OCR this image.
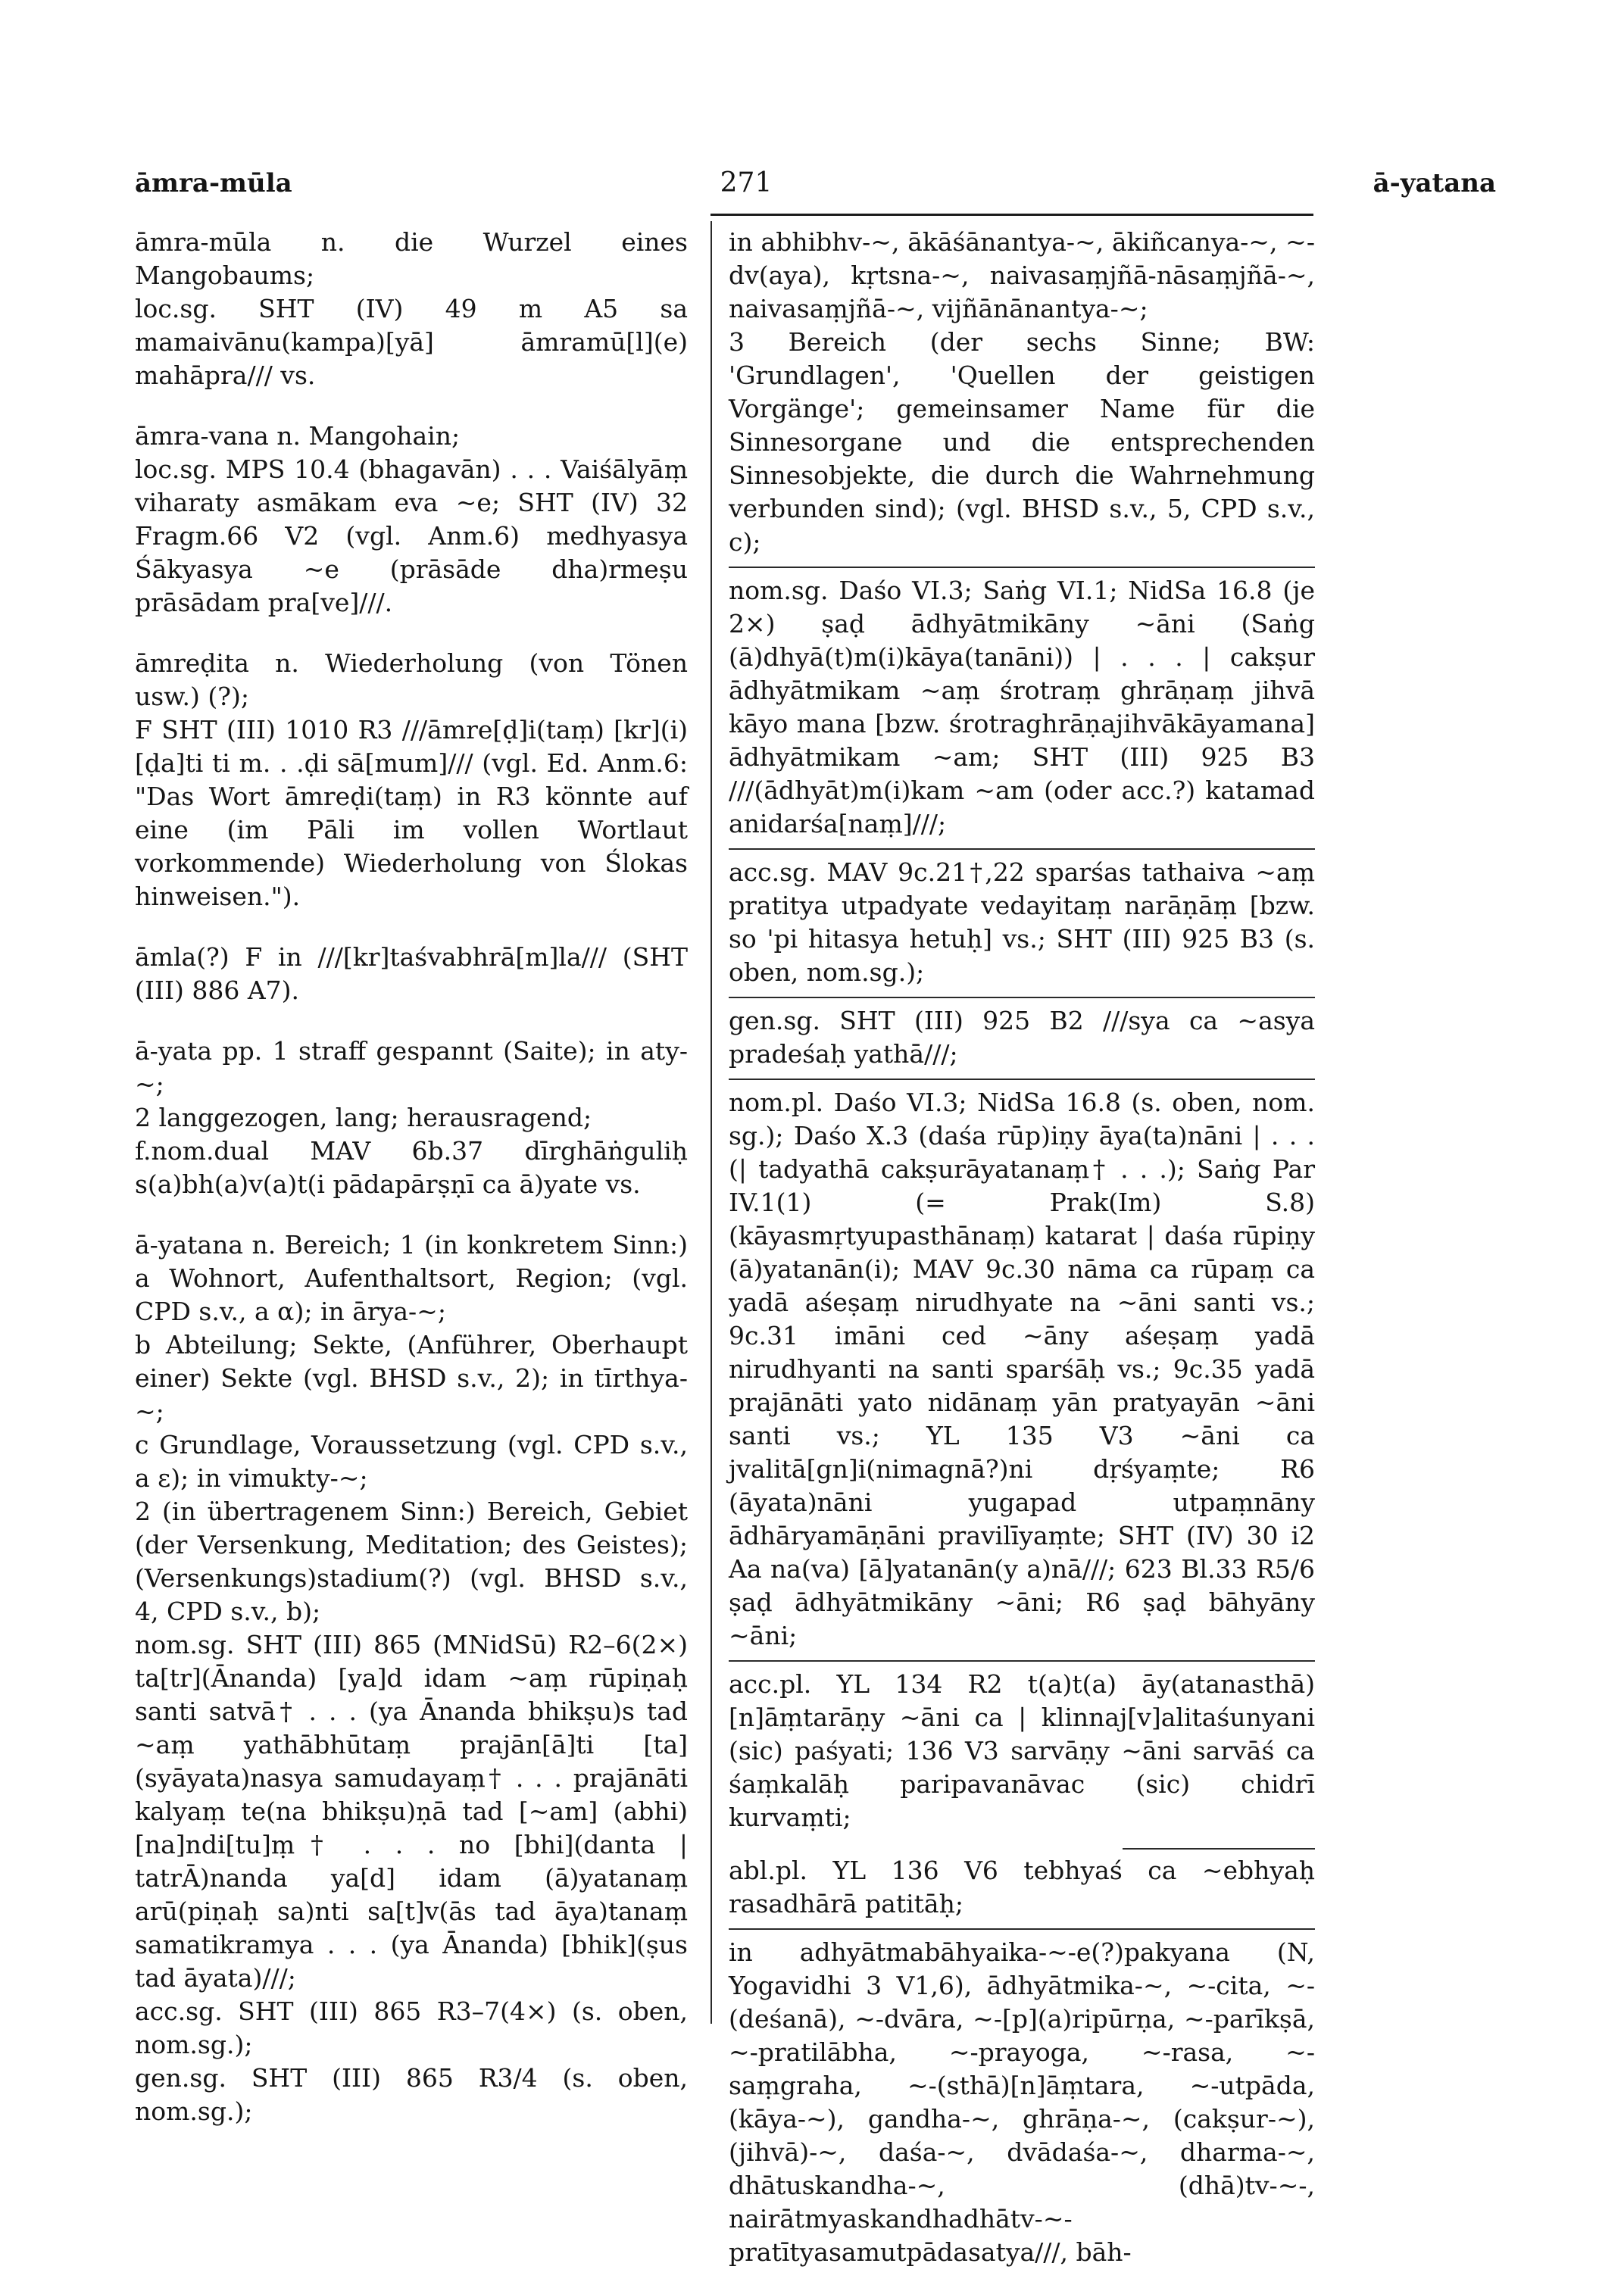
āmra-mūla	271	ā-yatana

āmra-mūla n. die Wurzel eines Mangobaums;

loc.sg. SHT (IV) 49 m A5 sa mamaivānu(kampa)[yā] āmramū[l](e) mahāpra/// vs.

āmra-vana n. Mangohain;

loc.sg. MPS 10.4 (bhagavān) . . . Vaiśālyāṃ viharaty asmākam eva ~e; SHT (IV) 32 Fragm.66 V2 (vgl. Anm.6) medhyasya Śākyasya ~e (prāsāde dha)rmeṣu prāsādam pra[ve]///.

āmreḍita n. Wiederholung (von Tönen usw.) (?);

F SHT (III) 1010 R3 ///āmre[ḍ]i(taṃ) [kr](i)[ḍa]ti ti m. . .ḍi sā[mum]/// (vgl. Ed. Anm.6: "Das Wort āmreḍi(taṃ) in R3 könnte auf eine (im Pāli im vollen Wortlaut vorkommende) Wiederholung von Ślokas hinweisen.").

āmla(?) F in ///[kr]taśvabhrā[m]la/// (SHT (III) 886 A7).

ā-yata pp. 1 straff gespannt (Saite); in aty-~;

2 langgezogen, lang; herausragend;

f.nom.dual MAV 6b.37 dīrghāṅguliḥ s(a)bh(a)v(a)t(i pādapārṣṇī ca ā)yate vs.

ā-yatana n. Bereich; 1 (in konkretem Sinn:) a Wohnort, Aufenthaltsort, Region; (vgl. CPD s.v., a α); in ārya-~;

b Abteilung; Sekte, (Anführer, Oberhaupt einer) Sekte (vgl. BHSD s.v., 2); in tīrthya-~;

c Grundlage, Voraussetzung (vgl. CPD s.v., a ε); in vimukty-~;

2 (in übertragenem Sinn:) Bereich, Gebiet (der Versenkung, Meditation; des Geistes); (Versenkungs)stadium(?) (vgl. BHSD s.v., 4, CPD s.v., b);

nom.sg. SHT (III) 865 (MNidSū) R2–6(2×) ta[tr](Ānanda) [ya]d idam ~aṃ rūpiṇaḥ santi satvā† . . . (ya Ānanda bhikṣu)s tad ~aṃ yathābhūtaṃ prajān[ā]ti [ta](syāyata)nasya samudayaṃ† . . . prajānāti kalyaṃ te(na bhikṣu)ṇā tad [~am] (abhi)[na]ndi[tu]ṃ† . . . no [bhi](danta | tatrĀ)nanda ya[d] idam (ā)yatanaṃ arū(piṇaḥ sa)nti sa[t]v(ās tad āya)tanaṃ samatikramya . . . (ya Ānanda) [bhik](ṣus tad āyata)///;

acc.sg. SHT (III) 865 R3–7(4×) (s. oben, nom.sg.);

gen.sg. SHT (III) 865 R3/4 (s. oben, nom.sg.);

in abhibhv-~, ākāśānantya-~, ākiñcanya-~, ~-dv(aya), kṛtsna-~, naivasaṃjñā-nāsaṃjñā-~, naivasaṃjñā-~, vijñānānantya-~;

3 Bereich (der sechs Sinne; BW: 'Grundlagen', 'Quellen der geistigen Vorgänge'; gemeinsamer Name für die Sinnesorgane und die entsprechenden Sinnesobjekte, die durch die Wahrnehmung verbunden sind); (vgl. BHSD s.v., 5, CPD s.v., c);

nom.sg. Daśo VI.3; Saṅg VI.1; NidSa 16.8 (je 2×) ṣaḍ ādhyātmikāny ~āni (Saṅg (ā)dhyā(t)m(i)kāya(tanāni)) | . . . | cakṣur ādhyātmikam ~aṃ śrotraṃ ghrāṇaṃ jihvā kāyo mana [bzw. śrotraghrāṇajihvākāyamana] ādhyātmikam ~am; SHT (III) 925 B3 ///(ādhyāt)m(i)kam ~am (oder acc.?) katamad anidarśa[naṃ]///;

acc.sg. MAV 9c.21†,22 sparśas tathaiva ~aṃ pratitya utpadyate vedayitaṃ narāṇāṃ [bzw. so 'pi hitasya hetuḥ] vs.; SHT (III) 925 B3 (s. oben, nom.sg.);

gen.sg. SHT (III) 925 B2 ///sya ca ~asya pradeśaḥ yathā///;

nom.pl. Daśo VI.3; NidSa 16.8 (s. oben, nom. sg.); Daśo X.3 (daśa rūp)iṇy āya(ta)nāni | . . . (| tadyathā cakṣurāyatanaṃ† . . .); Saṅg Par IV.1(1) (= Prak(Im) S.8) (kāyasmṛtyupasthānaṃ) katarat | daśa rūpiṇy (ā)yatanān(i); MAV 9c.30 nāma ca rūpaṃ ca yadā aśeṣaṃ nirudhyate na ~āni santi vs.; 9c.31 imāni ced ~āny aśeṣaṃ yadā nirudhyanti na santi sparśāḥ vs.; 9c.35 yadā prajānāti yato nidānaṃ yān pratyayān ~āni santi vs.; YL 135 V3 ~āni ca jvalitā[gn]i(nimagnā?)ni dṛśyaṃte; R6 (āyata)nāni yugapad utpaṃnāny ādhāryamāṇāni pravilīyaṃte; SHT (IV) 30 i2 Aa na(va) [ā]yatanān(y a)nā///; 623 Bl.33 R5/6 ṣaḍ ādhyātmikāny ~āni; R6 ṣaḍ bāhyāny ~āni;

acc.pl. YL 134 R2 t(a)t(a) āy(atanasthā)[n]āṃtarāṇy ~āni ca | klinnaj[v]alitaśunyani (sic) paśyati; 136 V3 sarvāṇy ~āni sarvāś ca śaṃkalāḥ paripavanāvac (sic) chidrī kurvaṃti;

abl.pl. YL 136 V6 tebhyaś ca ~ebhyaḥ rasadhārā patitāḥ;

in adhyātmabāhyaika-~-e(?)pakyana (N, Yogavidhi 3 V1,6), ādhyātmika-~, ~-cita, ~-(deśanā), ~-dvāra, ~-[p](a)ripūrṇa, ~-parīkṣā, ~-pratilābha, ~-prayoga, ~-rasa, ~-saṃgraha, ~-(sthā)[n]āṃtara, ~-utpāda, (kāya-~), gandha-~, ghrāṇa-~, (cakṣur-~), (jihvā)-~, daśa-~, dvādaśa-~, dharma-~, dhātuskandha-~, (dhā)tv-~-, nairātmyaskandhadhātv-~-pratītyasamutpādasatya///, bāh-
